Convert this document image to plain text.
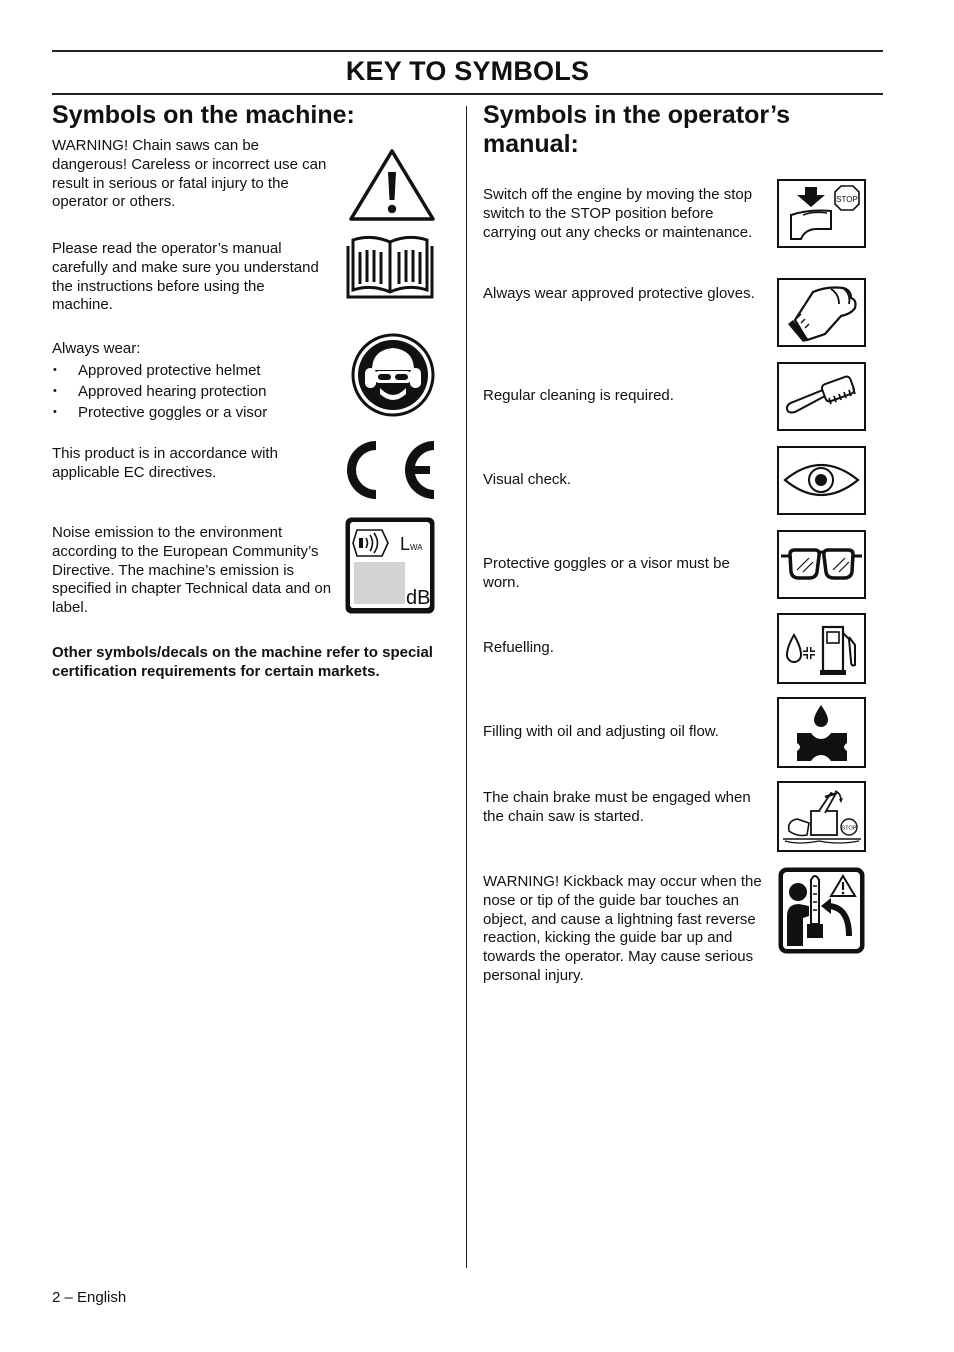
KEY TO SYMBOLS
Symbols on the machine:

WARNING! Chain saws can be dangerous! Careless or incorrect use can result in serious or fatal injury to the operator or others.

Please read the operator’s manual carefully and make sure you understand the instructions before using the machine.

Always wear:
• Approved protective helmet
• Approved hearing protection
• Protective goggles or a visor

This product is in accordance with applicable EC directives.

Noise emission to the environment according to the European Community’s Directive. The machine’s emission is specified in chapter Technical data and on label.

L WA
dB

Other symbols/decals on the machine refer to special certification requirements for certain markets.

Symbols in the operator’s manual:

Switch off the engine by moving the stop switch to the STOP position before carrying out any checks or maintenance.

STOP

Always wear approved protective gloves.

Regular cleaning is required.

Visual check.

Protective goggles or a visor must be worn.

Refuelling.

Filling with oil and adjusting oil flow.

The chain brake must be engaged when the chain saw is started.

STOP

WARNING! Kickback may occur when the nose or tip of the guide bar touches an object, and cause a lightning fast reverse reaction, kicking the guide bar up and towards the operator. May cause serious personal injury.

2 – English
